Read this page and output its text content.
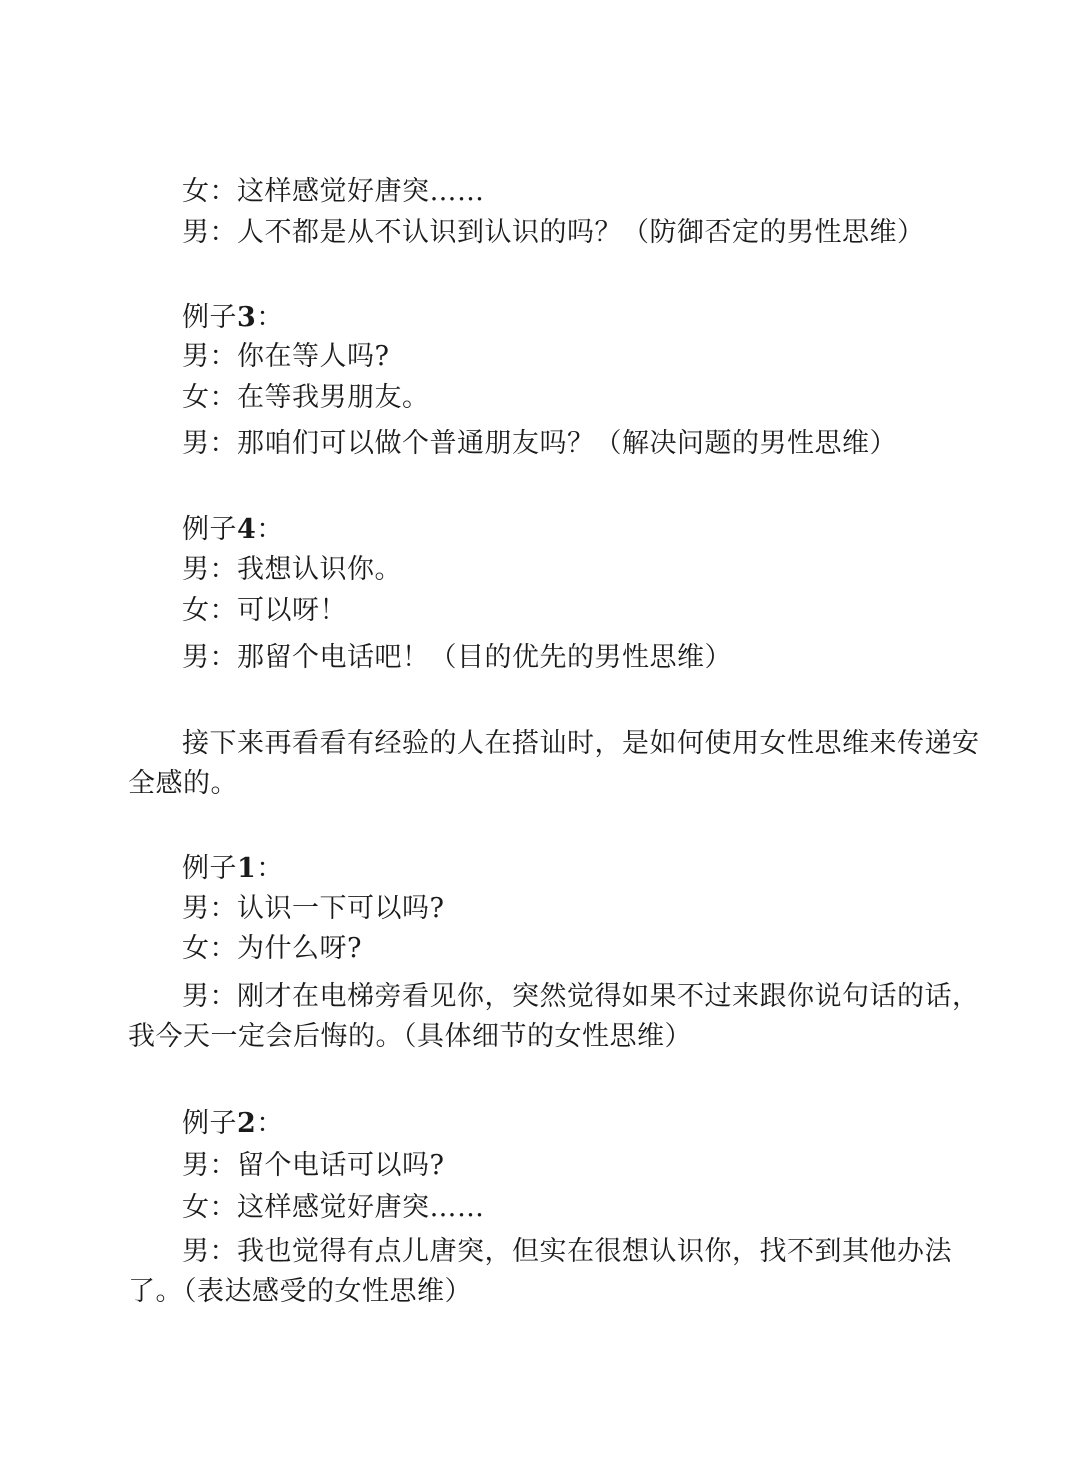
女：这样感觉好唐突……
男：人不都是从不认识到认识的吗？（防御否定的男性思维）
例子3：
男：你在等人吗?
女：在等我男朋友。
男：那咱们可以做个普通朋友吗？（解决问题的男性思维）
例子4：
男：我想认识你。
女：可以呀！
男：那留个电话吧！（目的优先的男性思维）
接下来再看看有经验的人在搭讪时，是如何使用女性思维来传递安
全感的。
例子1：
男：认识一下可以吗?
女：为什么呀?
男：刚才在电梯旁看见你，突然觉得如果不过来跟你说句话的话，
我今天一定会后悔的。（具体细节的女性思维）
例子2：
男：留个电话可以吗?
女：这样感觉好唐突……
男：我也觉得有点儿唐突，但实在很想认识你，找不到其他办法
了。（表达感受的女性思维）
